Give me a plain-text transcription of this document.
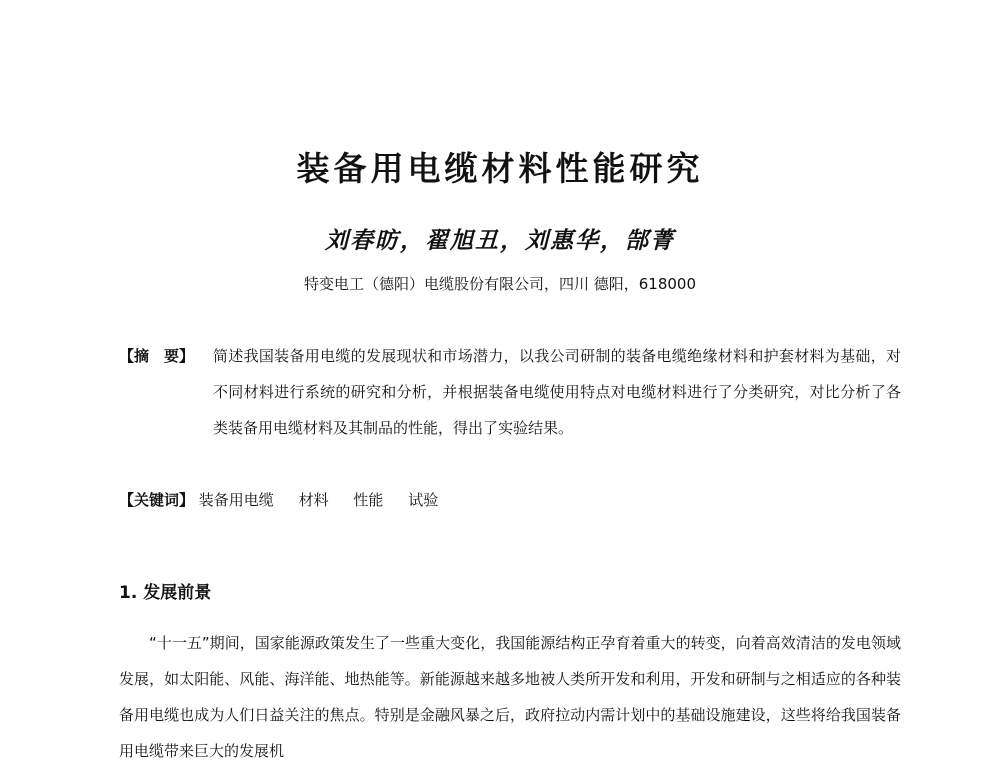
装备用电缆材料性能研究
刘春昉，翟旭丑，刘惠华，郜菁
特变电工（德阳）电缆股份有限公司，四川 德阳，618000
【摘　要】 简述我国装备用电缆的发展现状和市场潜力，以我公司研制的装备电缆绝缘材料和护套材料为基础，对不同材料进行系统的研究和分析，并根据装备电缆使用特点对电缆材料进行了分类研究，对比分析了各类装备用电缆材料及其制品的性能，得出了实验结果。
【关键词】 装备用电缆 材料 性能 试验
1. 发展前景
“十一五”期间，国家能源政策发生了一些重大变化，我国能源结构正孕育着重大的转变，向着高效清洁的发电领域发展，如太阳能、风能、海洋能、地热能等。新能源越来越多地被人类所开发和利用，开发和研制与之相适应的各种装备用电缆也成为人们日益关注的焦点。特别是金融风暴之后，政府拉动内需计划中的基础设施建设，这些将给我国装备用电缆带来巨大的发展机
